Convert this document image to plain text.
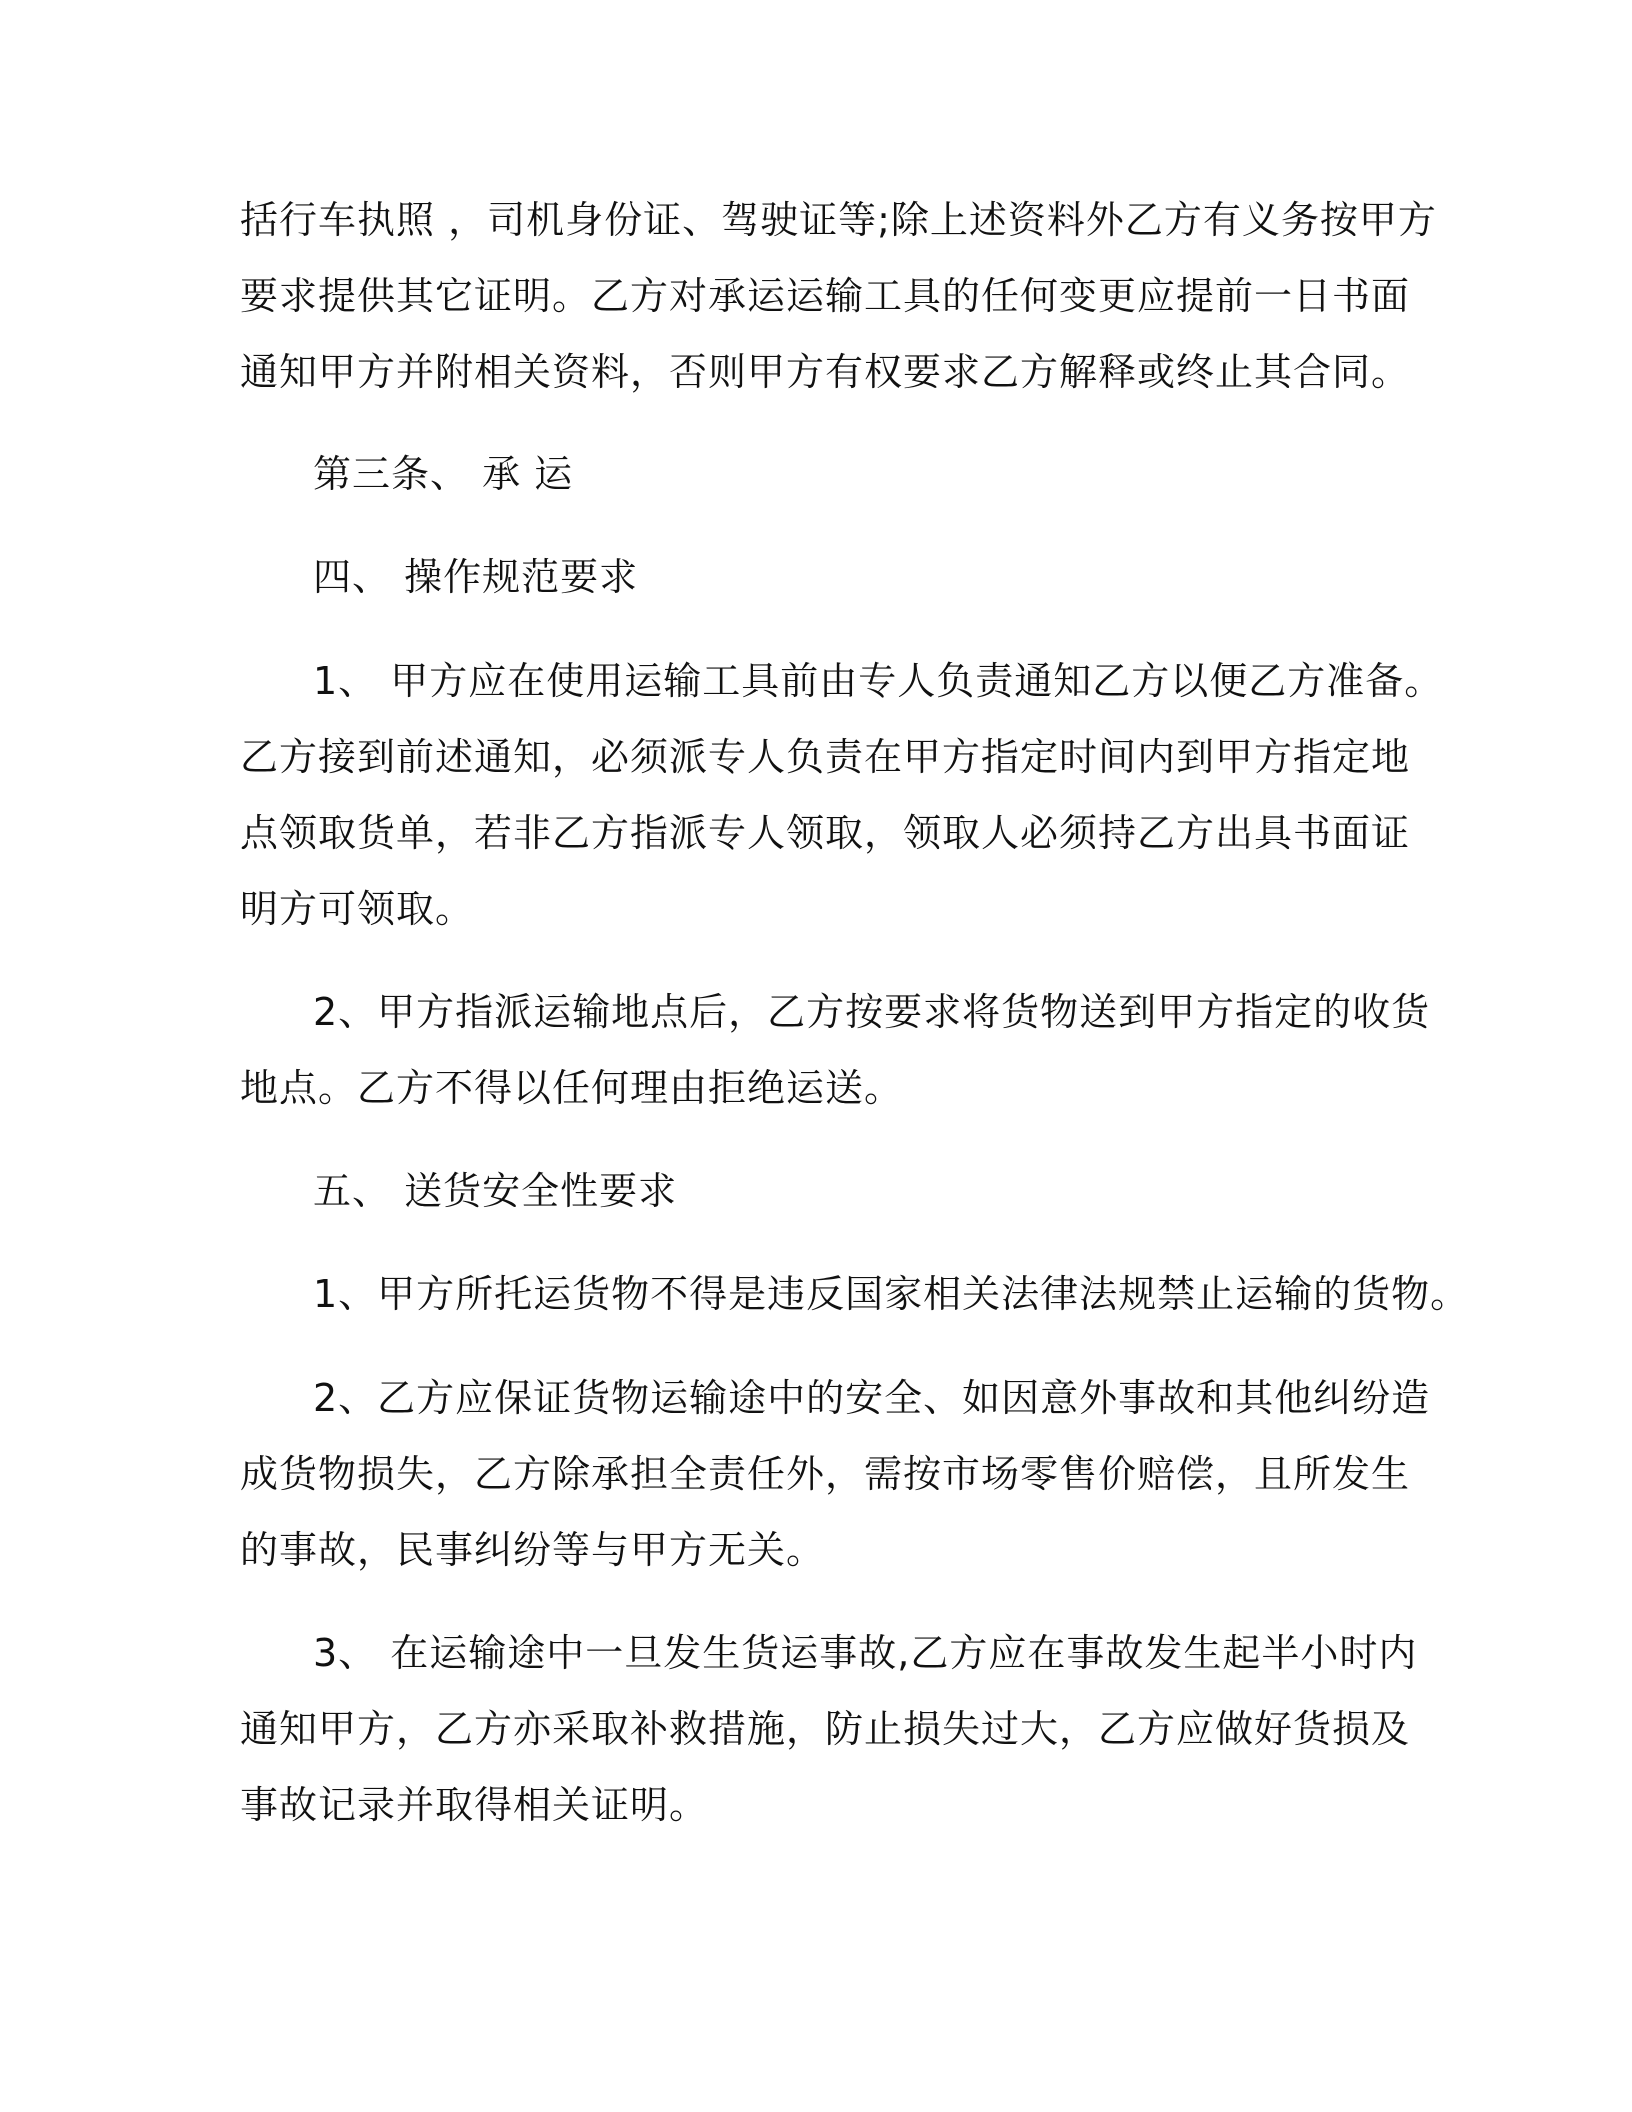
括行车执照 ，司机身份证、驾驶证等;除上述资料外乙方有义务按甲方
要求提供其它证明。乙方对承运运输工具的任何变更应提前一日书面
通知甲方并附相关资料，否则甲方有权要求乙方解释或终止其合同。
第三条、 承 运
四、 操作规范要求
1、 甲方应在使用运输工具前由专人负责通知乙方以便乙方准备。
乙方接到前述通知，必须派专人负责在甲方指定时间内到甲方指定地
点领取货单，若非乙方指派专人领取，领取人必须持乙方出具书面证
明方可领取。
2、甲方指派运输地点后，乙方按要求将货物送到甲方指定的收货
地点。乙方不得以任何理由拒绝运送。
五、 送货安全性要求
1、甲方所托运货物不得是违反国家相关法律法规禁止运输的货物。
2、乙方应保证货物运输途中的安全、如因意外事故和其他纠纷造
成货物损失，乙方除承担全责任外，需按市场零售价赔偿，且所发生
的事故，民事纠纷等与甲方无关。
3、 在运输途中一旦发生货运事故,乙方应在事故发生起半小时内
通知甲方，乙方亦采取补救措施，防止损失过大，乙方应做好货损及
事故记录并取得相关证明。
